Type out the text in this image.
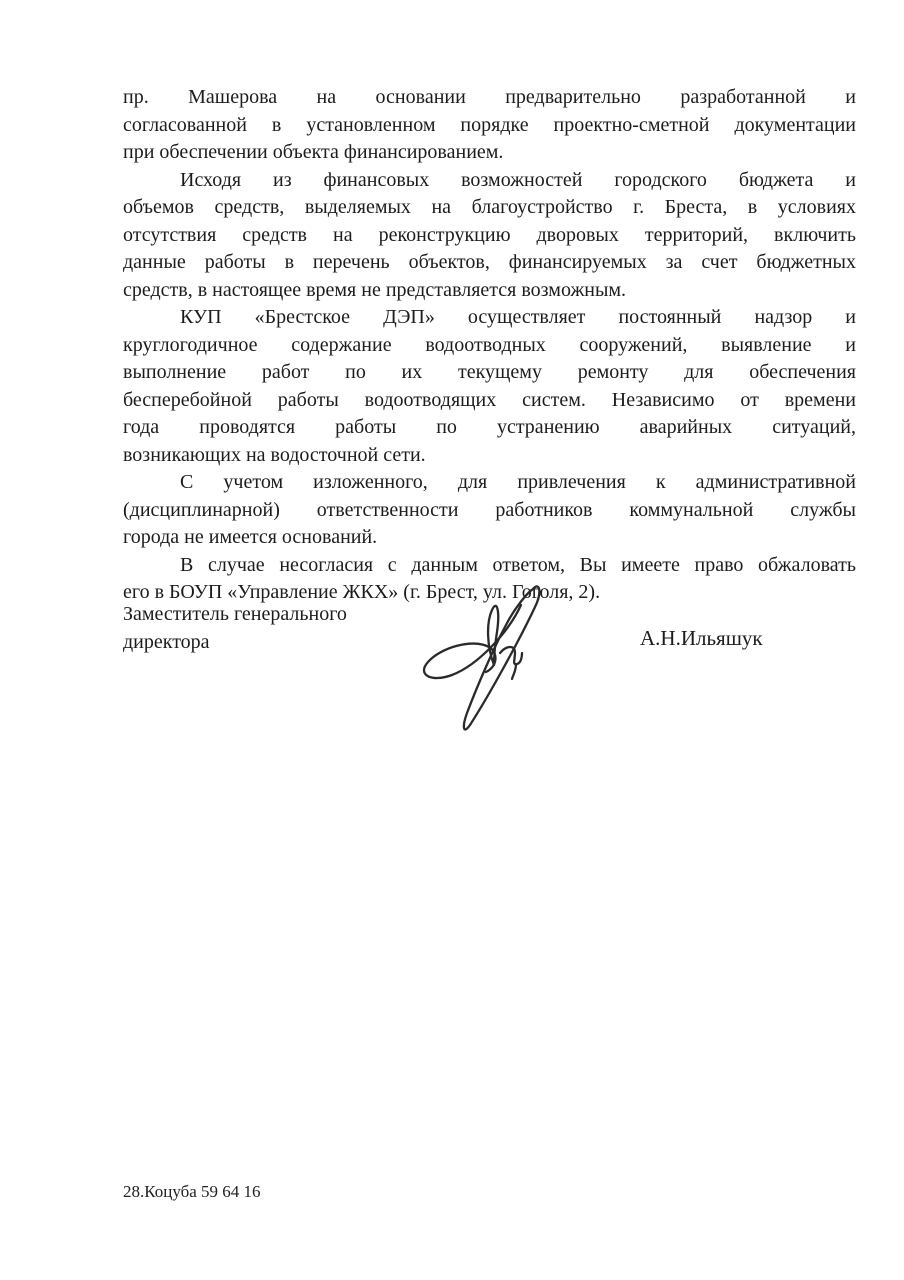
пр. Машерова на основании предварительно разработанной и
согласованной в установленном порядке проектно-сметной документации
при обеспечении объекта финансированием.
Исходя из финансовых возможностей городского бюджета и
объемов средств, выделяемых на благоустройство г. Бреста, в условиях
отсутствия средств на реконструкцию дворовых территорий, включить
данные работы в перечень объектов, финансируемых за счет бюджетных
средств, в настоящее время не представляется возможным.
КУП «Брестское ДЭП» осуществляет постоянный надзор и
круглогодичное содержание водоотводных сооружений, выявление и
выполнение работ по их текущему ремонту для обеспечения
бесперебойной работы водоотводящих систем. Независимо от времени
года проводятся работы по устранению аварийных ситуаций,
возникающих на водосточной сети.
С учетом изложенного, для привлечения к административной
(дисциплинарной) ответственности работников коммунальной службы
города не имеется оснований.
В случае несогласия с данным ответом, Вы имеете право обжаловать
его в БОУП «Управление ЖКХ» (г. Брест, ул. Гоголя, 2).
Заместитель генерального
директора	А.Н.Ильяшук
28.Коцуба 59 64 16
